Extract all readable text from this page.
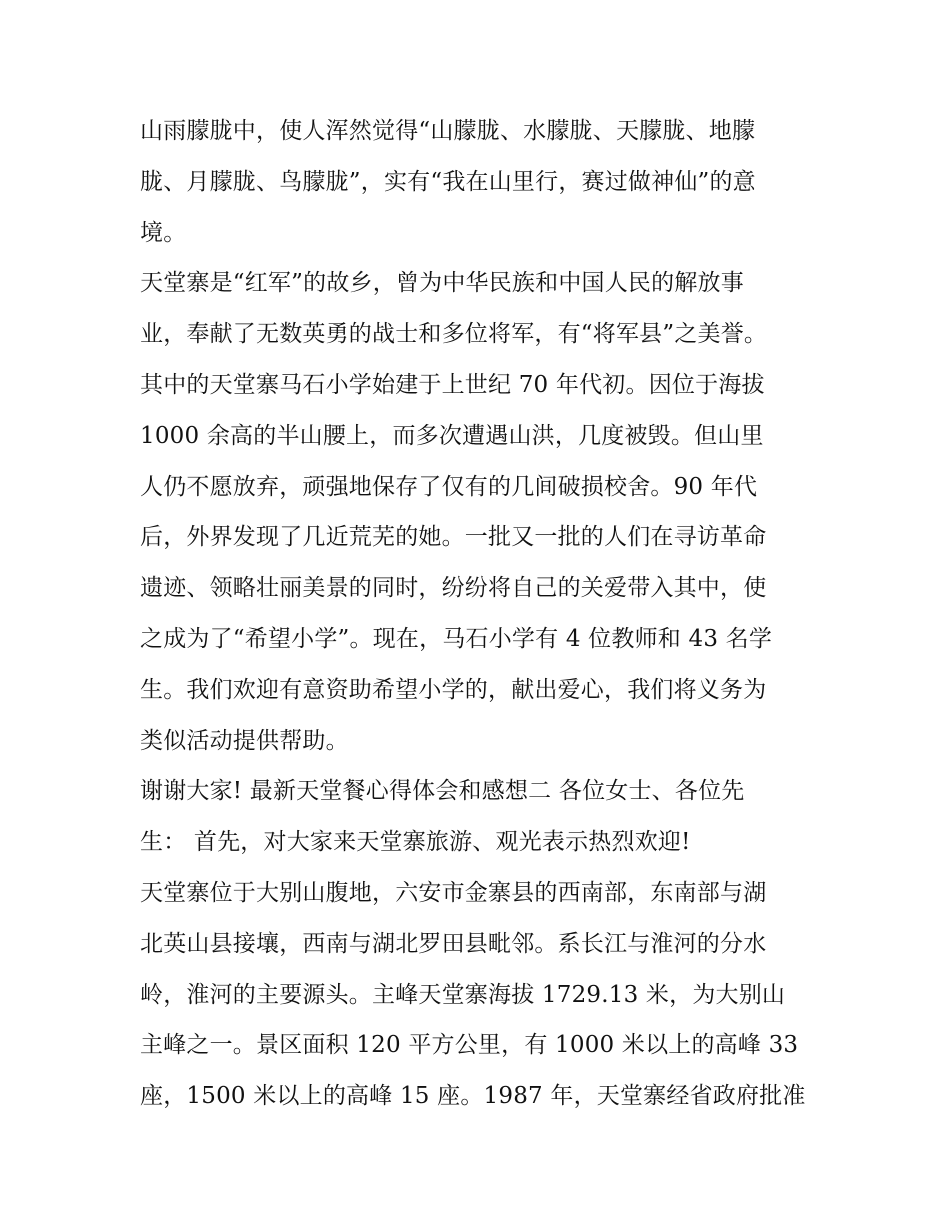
山雨朦胧中，使人浑然觉得“山朦胧、水朦胧、天朦胧、地朦
胧、月朦胧、鸟朦胧”，实有“我在山里行，赛过做神仙”的意
境。
天堂寨是“红军”的故乡，曾为中华民族和中国人民的解放事
业，奉献了无数英勇的战士和多位将军，有“将军县”之美誉。
其中的天堂寨马石小学始建于上世纪 70 年代初。因位于海拔
1000 余高的半山腰上，而多次遭遇山洪，几度被毁。但山里
人仍不愿放弃，顽强地保存了仅有的几间破损校舍。90 年代
后，外界发现了几近荒芜的她。一批又一批的人们在寻访革命
遗迹、领略壮丽美景的同时，纷纷将自己的关爱带入其中，使
之成为了“希望小学”。现在，马石小学有 4 位教师和 43 名学
生。我们欢迎有意资助希望小学的，献出爱心，我们将义务为
类似活动提供帮助。
谢谢大家! 最新天堂餐心得体会和感想二 各位女士、各位先
生： 首先，对大家来天堂寨旅游、观光表示热烈欢迎!
天堂寨位于大别山腹地，六安市金寨县的西南部，东南部与湖
北英山县接壤，西南与湖北罗田县毗邻。系长江与淮河的分水
岭，淮河的主要源头。主峰天堂寨海拔 1729.13 米，为大别山
主峰之一。景区面积 120 平方公里，有 1000 米以上的高峰 33
座，1500 米以上的高峰 15 座。1987 年，天堂寨经省政府批准
